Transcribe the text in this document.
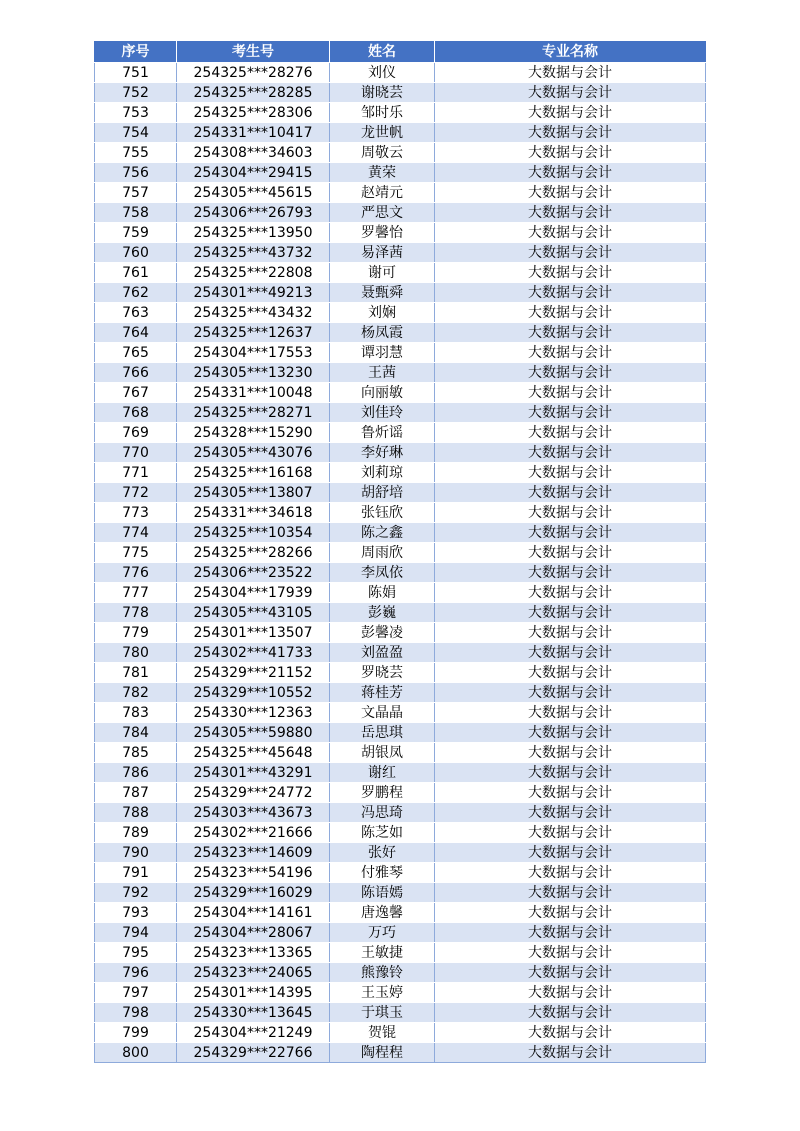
序号	考生号	姓名	专业名称
751	254325***28276	刘仪	大数据与会计
752	254325***28285	谢晓芸	大数据与会计
753	254325***28306	邹时乐	大数据与会计
754	254331***10417	龙世帆	大数据与会计
755	254308***34603	周敬云	大数据与会计
756	254304***29415	黄荣	大数据与会计
757	254305***45615	赵靖元	大数据与会计
758	254306***26793	严思文	大数据与会计
759	254325***13950	罗馨怡	大数据与会计
760	254325***43732	易泽茜	大数据与会计
761	254325***22808	谢可	大数据与会计
762	254301***49213	聂甄舜	大数据与会计
763	254325***43432	刘娴	大数据与会计
764	254325***12637	杨凤霞	大数据与会计
765	254304***17553	谭羽慧	大数据与会计
766	254305***13230	王茜	大数据与会计
767	254331***10048	向丽敏	大数据与会计
768	254325***28271	刘佳玲	大数据与会计
769	254328***15290	鲁炘谣	大数据与会计
770	254305***43076	李好琳	大数据与会计
771	254325***16168	刘莉琼	大数据与会计
772	254305***13807	胡舒培	大数据与会计
773	254331***34618	张钰欣	大数据与会计
774	254325***10354	陈之鑫	大数据与会计
775	254325***28266	周雨欣	大数据与会计
776	254306***23522	李凤依	大数据与会计
777	254304***17939	陈娟	大数据与会计
778	254305***43105	彭巍	大数据与会计
779	254301***13507	彭馨凌	大数据与会计
780	254302***41733	刘盈盈	大数据与会计
781	254329***21152	罗晓芸	大数据与会计
782	254329***10552	蒋桂芳	大数据与会计
783	254330***12363	文晶晶	大数据与会计
784	254305***59880	岳思琪	大数据与会计
785	254325***45648	胡银凤	大数据与会计
786	254301***43291	谢红	大数据与会计
787	254329***24772	罗鹏程	大数据与会计
788	254303***43673	冯思琦	大数据与会计
789	254302***21666	陈芝如	大数据与会计
790	254323***14609	张好	大数据与会计
791	254323***54196	付雅琴	大数据与会计
792	254329***16029	陈语嫣	大数据与会计
793	254304***14161	唐逸馨	大数据与会计
794	254304***28067	万巧	大数据与会计
795	254323***13365	王敏捷	大数据与会计
796	254323***24065	熊豫铃	大数据与会计
797	254301***14395	王玉婷	大数据与会计
798	254330***13645	于琪玉	大数据与会计
799	254304***21249	贺锟	大数据与会计
800	254329***22766	陶程程	大数据与会计
